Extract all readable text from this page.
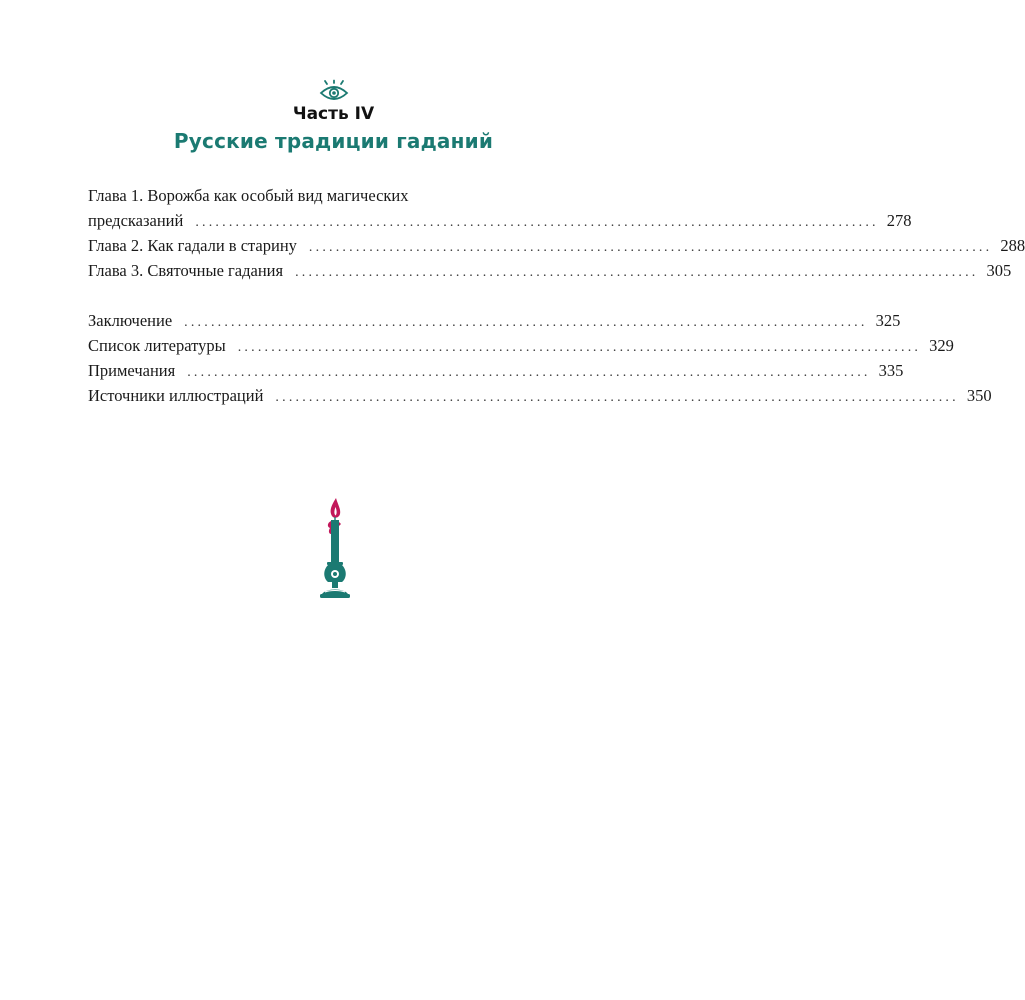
Часть IV
Русские традиции гаданий
Глава 1. Ворожба как особый вид магических
предсказаний ...................................................................................................... 278
Глава 2. Как гадали в старину ...................................................................................................... 288
Глава 3. Святочные гадания ...................................................................................................... 305
Заключение ...................................................................................................... 325
Список литературы ...................................................................................................... 329
Примечания ...................................................................................................... 335
Источники иллюстраций ...................................................................................................... 350
